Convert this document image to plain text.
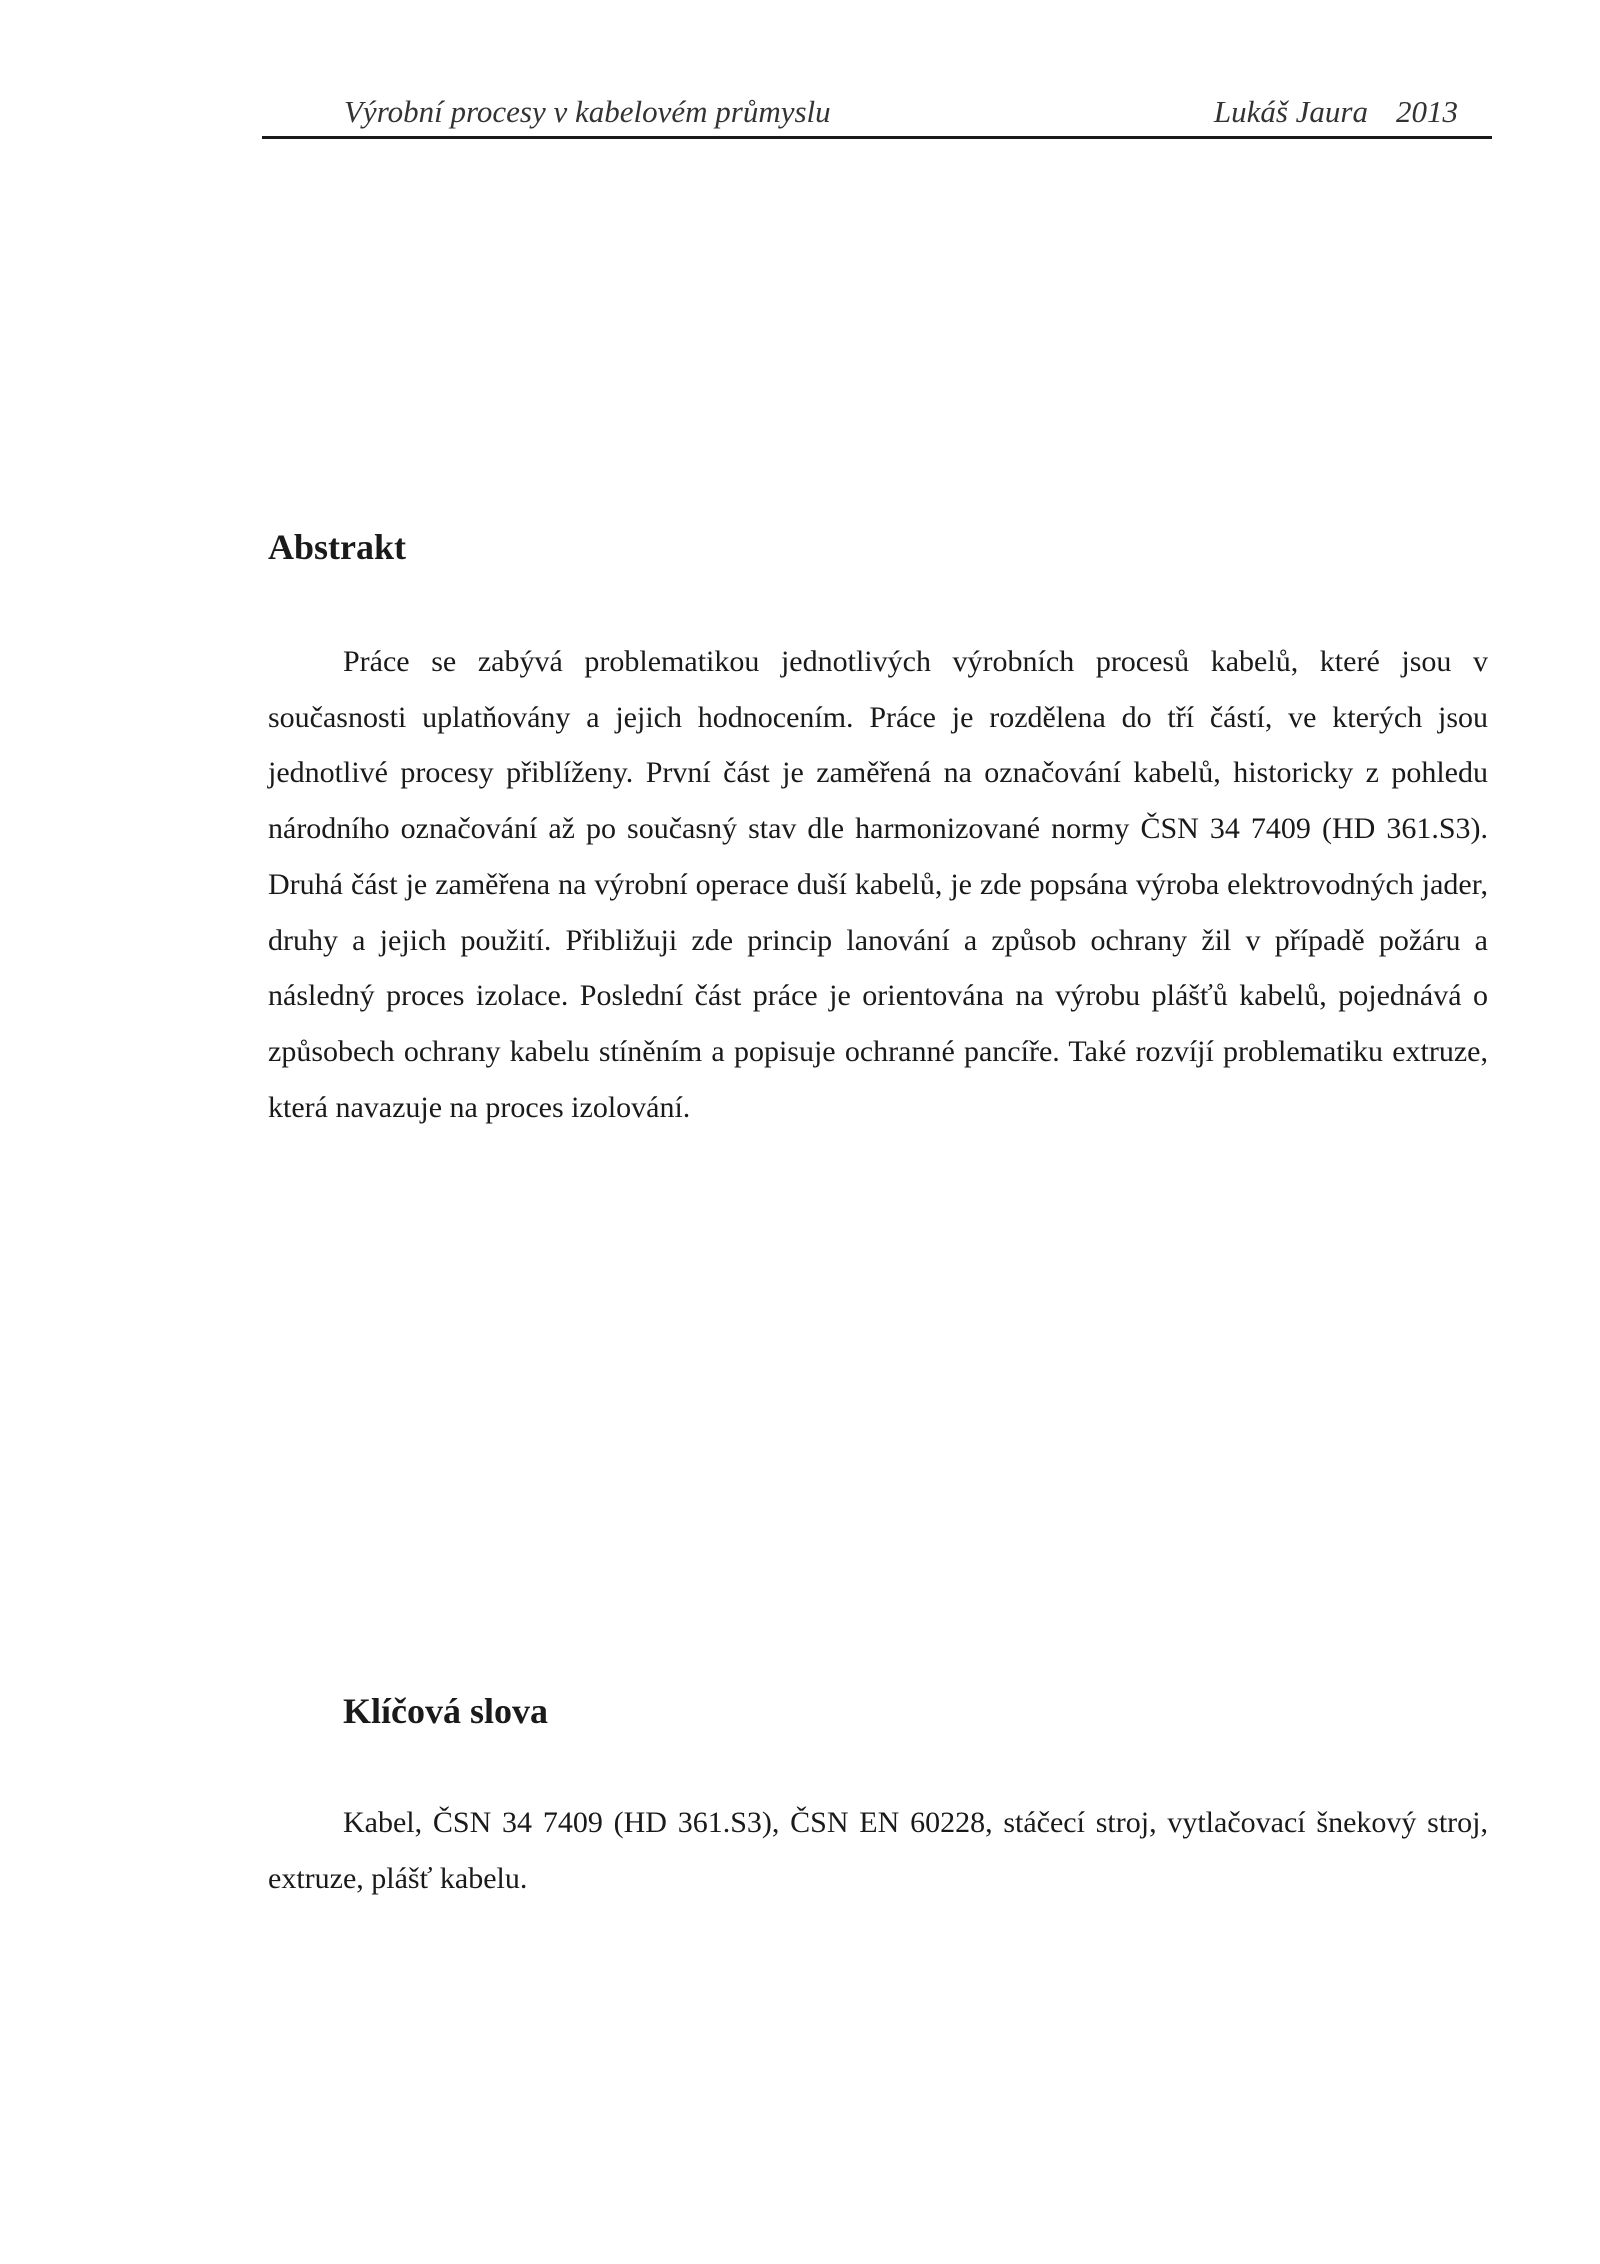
Výrobní procesy v kabelovém průmyslu	Lukáš Jaura 2013
Abstrakt

Práce se zabývá problematikou jednotlivých výrobních procesů kabelů, které jsou v současnosti uplatňovány a jejich hodnocením. Práce je rozdělena do tří částí, ve kterých jsou jednotlivé procesy přiblíženy. První část je zaměřená na označování kabelů, historicky z pohledu národního označování až po současný stav dle harmonizované normy ČSN 34 7409 (HD 361.S3). Druhá část je zaměřena na výrobní operace duší kabelů, je zde popsána výroba elektrovodných jader, druhy a jejich použití. Přibližuji zde princip lanování a způsob ochrany žil v případě požáru a následný proces izolace. Poslední část práce je orientována na výrobu plášťů kabelů, pojednává o způsobech ochrany kabelu stíněním a popisuje ochranné pancíře. Také rozvíjí problematiku extruze, která navazuje na proces izolování.

Klíčová slova

Kabel, ČSN 34 7409 (HD 361.S3), ČSN EN 60228, stáčecí stroj, vytlačovací šnekový stroj, extruze, plášť kabelu.
